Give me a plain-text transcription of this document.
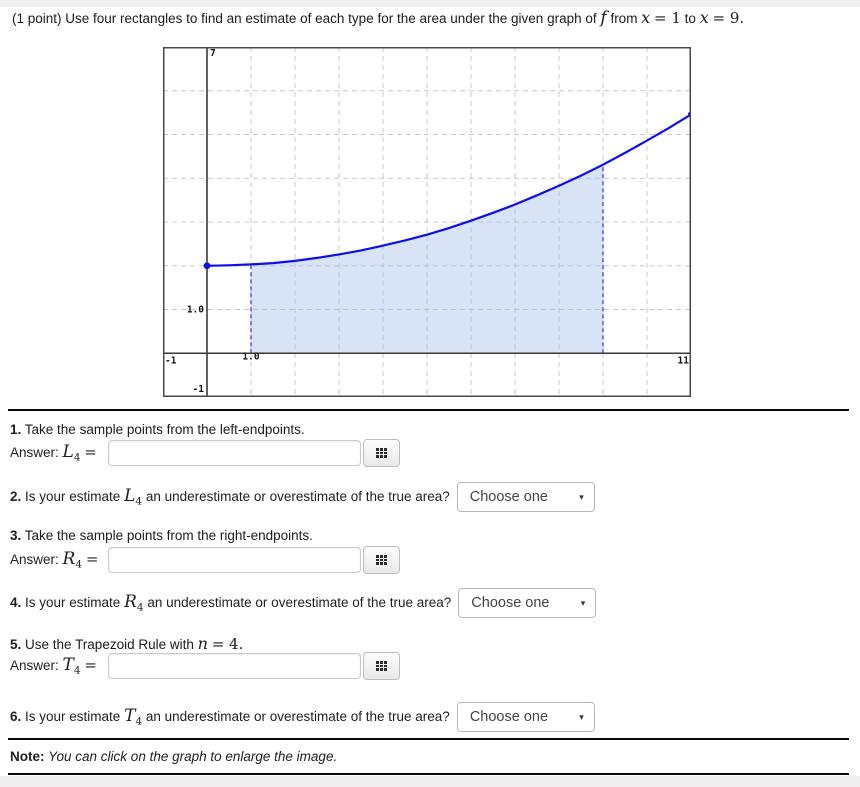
(1 point) Use four rectangles to find an estimate of each type for the area under the given graph of f from x = 1 to x = 9.

7
1.0
1.0
-1	11
-1

1. Take the sample points from the left-endpoints.

Answer: $L_4$ =
2. Is your estimate $L_4$ an underestimate or overestimate of the true area? Choose one	▾

3. Take the sample points from the right-endpoints.

Answer: $R_4$ =
4. Is your estimate $R_4$ an underestimate or overestimate of the true area? Choose one	▾

5. Use the Trapezoid Rule with n = 4.

Answer: $T_4$ =
6. Is your estimate $T_4$ an underestimate or overestimate of the true area? Choose one	▾

Note: You can click on the graph to enlarge the image.
